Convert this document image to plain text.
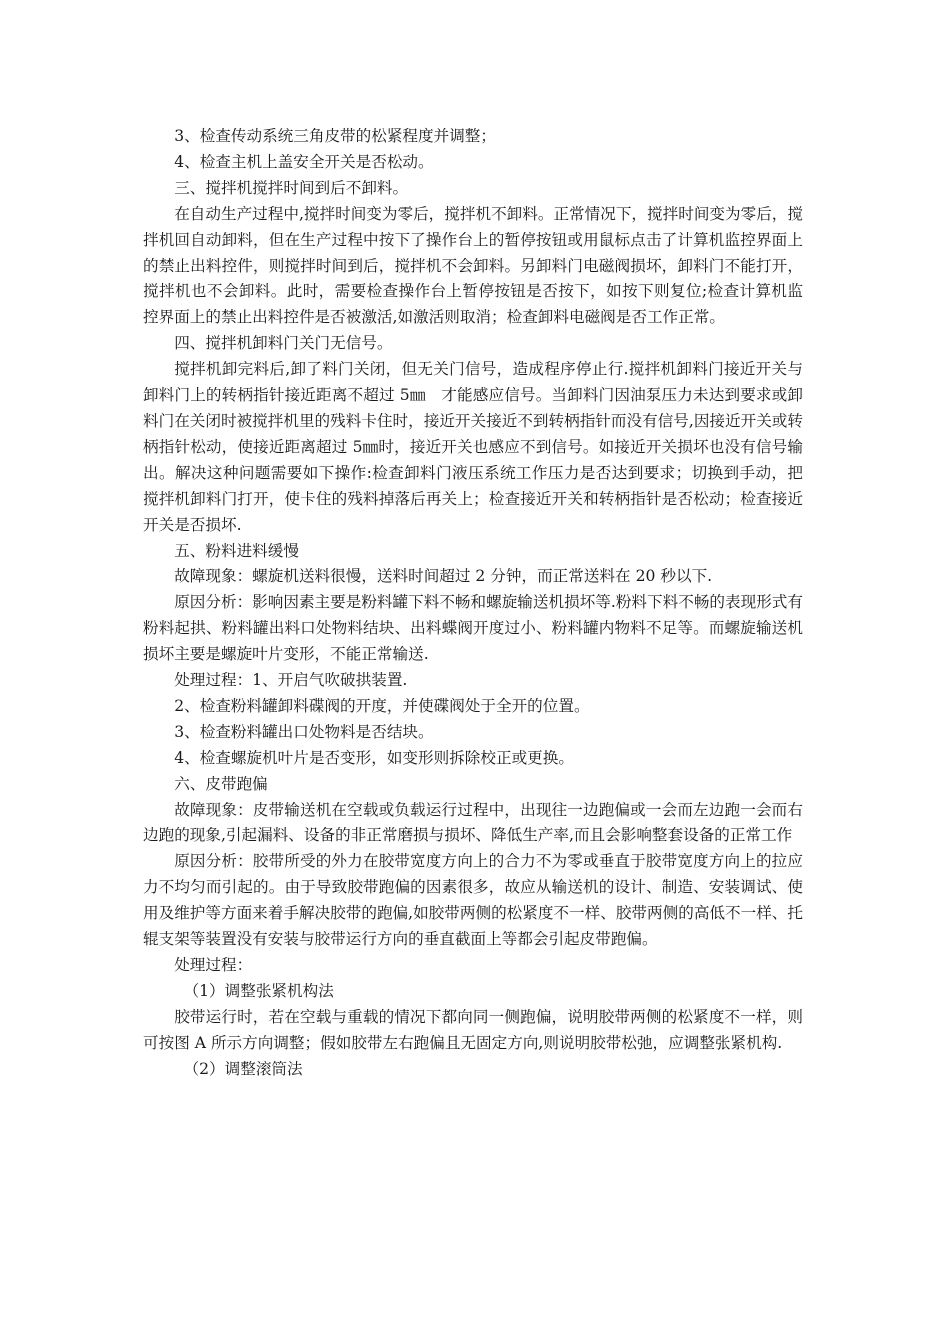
3、检查传动系统三角皮带的松紧程度并调整；

4、检查主机上盖安全开关是否松动。

三、搅拌机搅拌时间到后不卸料。

在自动生产过程中,搅拌时间变为零后，搅拌机不卸料。正常情况下，搅拌时间变为零后，搅拌机回自动卸料，但在生产过程中按下了操作台上的暂停按钮或用鼠标点击了计算机监控界面上的禁止出料控件，则搅拌时间到后，搅拌机不会卸料。另卸料门电磁阀损坏，卸料门不能打开，搅拌机也不会卸料。此时，需要检查操作台上暂停按钮是否按下，如按下则复位;检查计算机监控界面上的禁止出料控件是否被激活,如激活则取消；检查卸料电磁阀是否工作正常。

四、搅拌机卸料门关门无信号。

搅拌机卸完料后,卸了料门关闭，但无关门信号，造成程序停止行.搅拌机卸料门接近开关与卸料门上的转柄指针接近距离不超过 5㎜　才能感应信号。当卸料门因油泵压力未达到要求或卸料门在关闭时被搅拌机里的残料卡住时，接近开关接近不到转柄指针而没有信号,因接近开关或转柄指针松动，使接近距离超过 5㎜时，接近开关也感应不到信号。如接近开关损坏也没有信号输出。解决这种问题需要如下操作:检查卸料门液压系统工作压力是否达到要求；切换到手动，把搅拌机卸料门打开，使卡住的残料掉落后再关上；检查接近开关和转柄指针是否松动；检查接近开关是否损坏.

五、粉料进料缓慢

故障现象：螺旋机送料很慢，送料时间超过 2 分钟，而正常送料在 20 秒以下.

原因分析：影响因素主要是粉料罐下料不畅和螺旋输送机损坏等.粉料下料不畅的表现形式有粉料起拱、粉料罐出料口处物料结块、出料蝶阀开度过小、粉料罐内物料不足等。而螺旋输送机损坏主要是螺旋叶片变形，不能正常输送.

处理过程：1、开启气吹破拱装置.

2、检查粉料罐卸料碟阀的开度，并使碟阀处于全开的位置。

3、检查粉料罐出口处物料是否结块。

4、检查螺旋机叶片是否变形，如变形则拆除校正或更换。

六、皮带跑偏

故障现象：皮带输送机在空载或负载运行过程中，出现往一边跑偏或一会而左边跑一会而右边跑的现象,引起漏料、设备的非正常磨损与损坏、降低生产率,而且会影响整套设备的正常工作

原因分析：胶带所受的外力在胶带宽度方向上的合力不为零或垂直于胶带宽度方向上的拉应力不均匀而引起的。由于导致胶带跑偏的因素很多，故应从输送机的设计、制造、安装调试、使用及维护等方面来着手解决胶带的跑偏,如胶带两侧的松紧度不一样、胶带两侧的高低不一样、托辊支架等装置没有安装与胶带运行方向的垂直截面上等都会引起皮带跑偏。

处理过程：

（1）调整张紧机构法

胶带运行时，若在空载与重载的情况下都向同一侧跑偏，说明胶带两侧的松紧度不一样，则可按图 A 所示方向调整；假如胶带左右跑偏且无固定方向,则说明胶带松弛，应调整张紧机构.

（2）调整滚筒法
